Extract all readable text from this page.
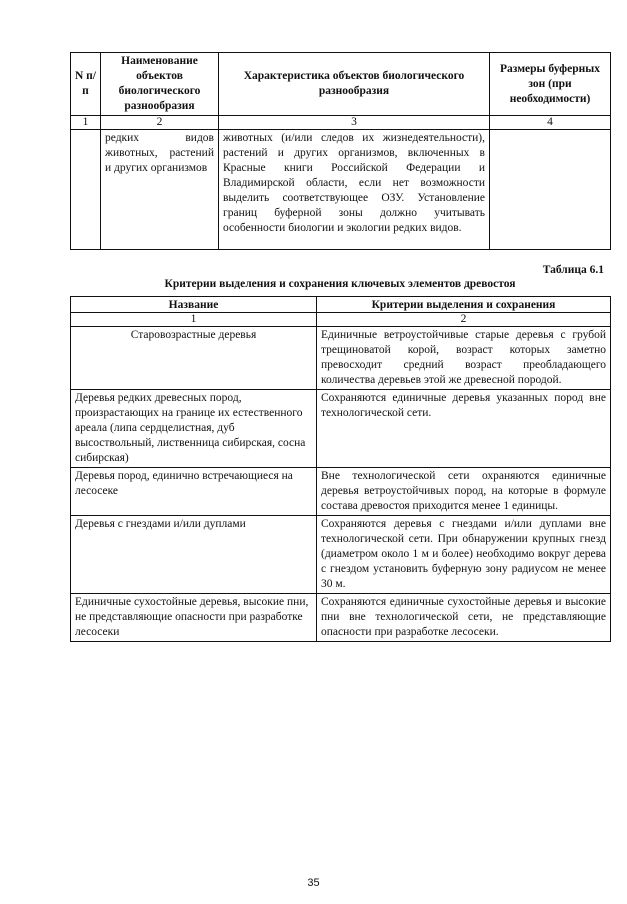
N п/п	Наименование объектов биологического разнообразия	Характеристика объектов биологического разнообразия	Размеры буферных зон (при необходимости)
1	2	3	4
	редких видов животных, растений и других организмов	животных (и/или следов их жизнедеятельности), растений и других организмов, включенных в Красные книги Российской Федерации и Владимирской области, если нет возможности выделить соответствующее ОЗУ. Установление границ буферной зоны должно учитывать особенности биологии и экологии редких видов.	
Таблица 6.1
Критерии выделения и сохранения ключевых элементов древостоя
Название	Критерии выделения и сохранения
1	2
Старовозрастные деревья	Единичные ветроустойчивые старые деревья с грубой трещиноватой корой, возраст которых заметно превосходит средний возраст преобладающего количества деревьев этой же древесной породой.
Деревья редких древесных пород, произрастающих на границе их естественного ареала (липа сердцелистная, дуб высоствольный, лиственница сибирская, сосна сибирская)	Сохраняются единичные деревья указанных пород вне технологической сети.
Деревья пород, единично встречающиеся на лесосеке	Вне технологической сети охраняются единичные деревья ветроустойчивых пород, на которые в формуле состава древостоя приходится менее 1 единицы.
Деревья с гнездами и/или дуплами	Сохраняются деревья с гнездами и/или дуплами вне технологической сети. При обнаружении крупных гнезд (диаметром около 1 м и более) необходимо вокруг дерева с гнездом установить буферную зону радиусом не менее 30 м.
Единичные сухостойные деревья, высокие пни, не представляющие опасности при разработке лесосеки	Сохраняются единичные сухостойные деревья и высокие пни вне технологической сети, не представляющие опасности при разработке лесосеки.
35
